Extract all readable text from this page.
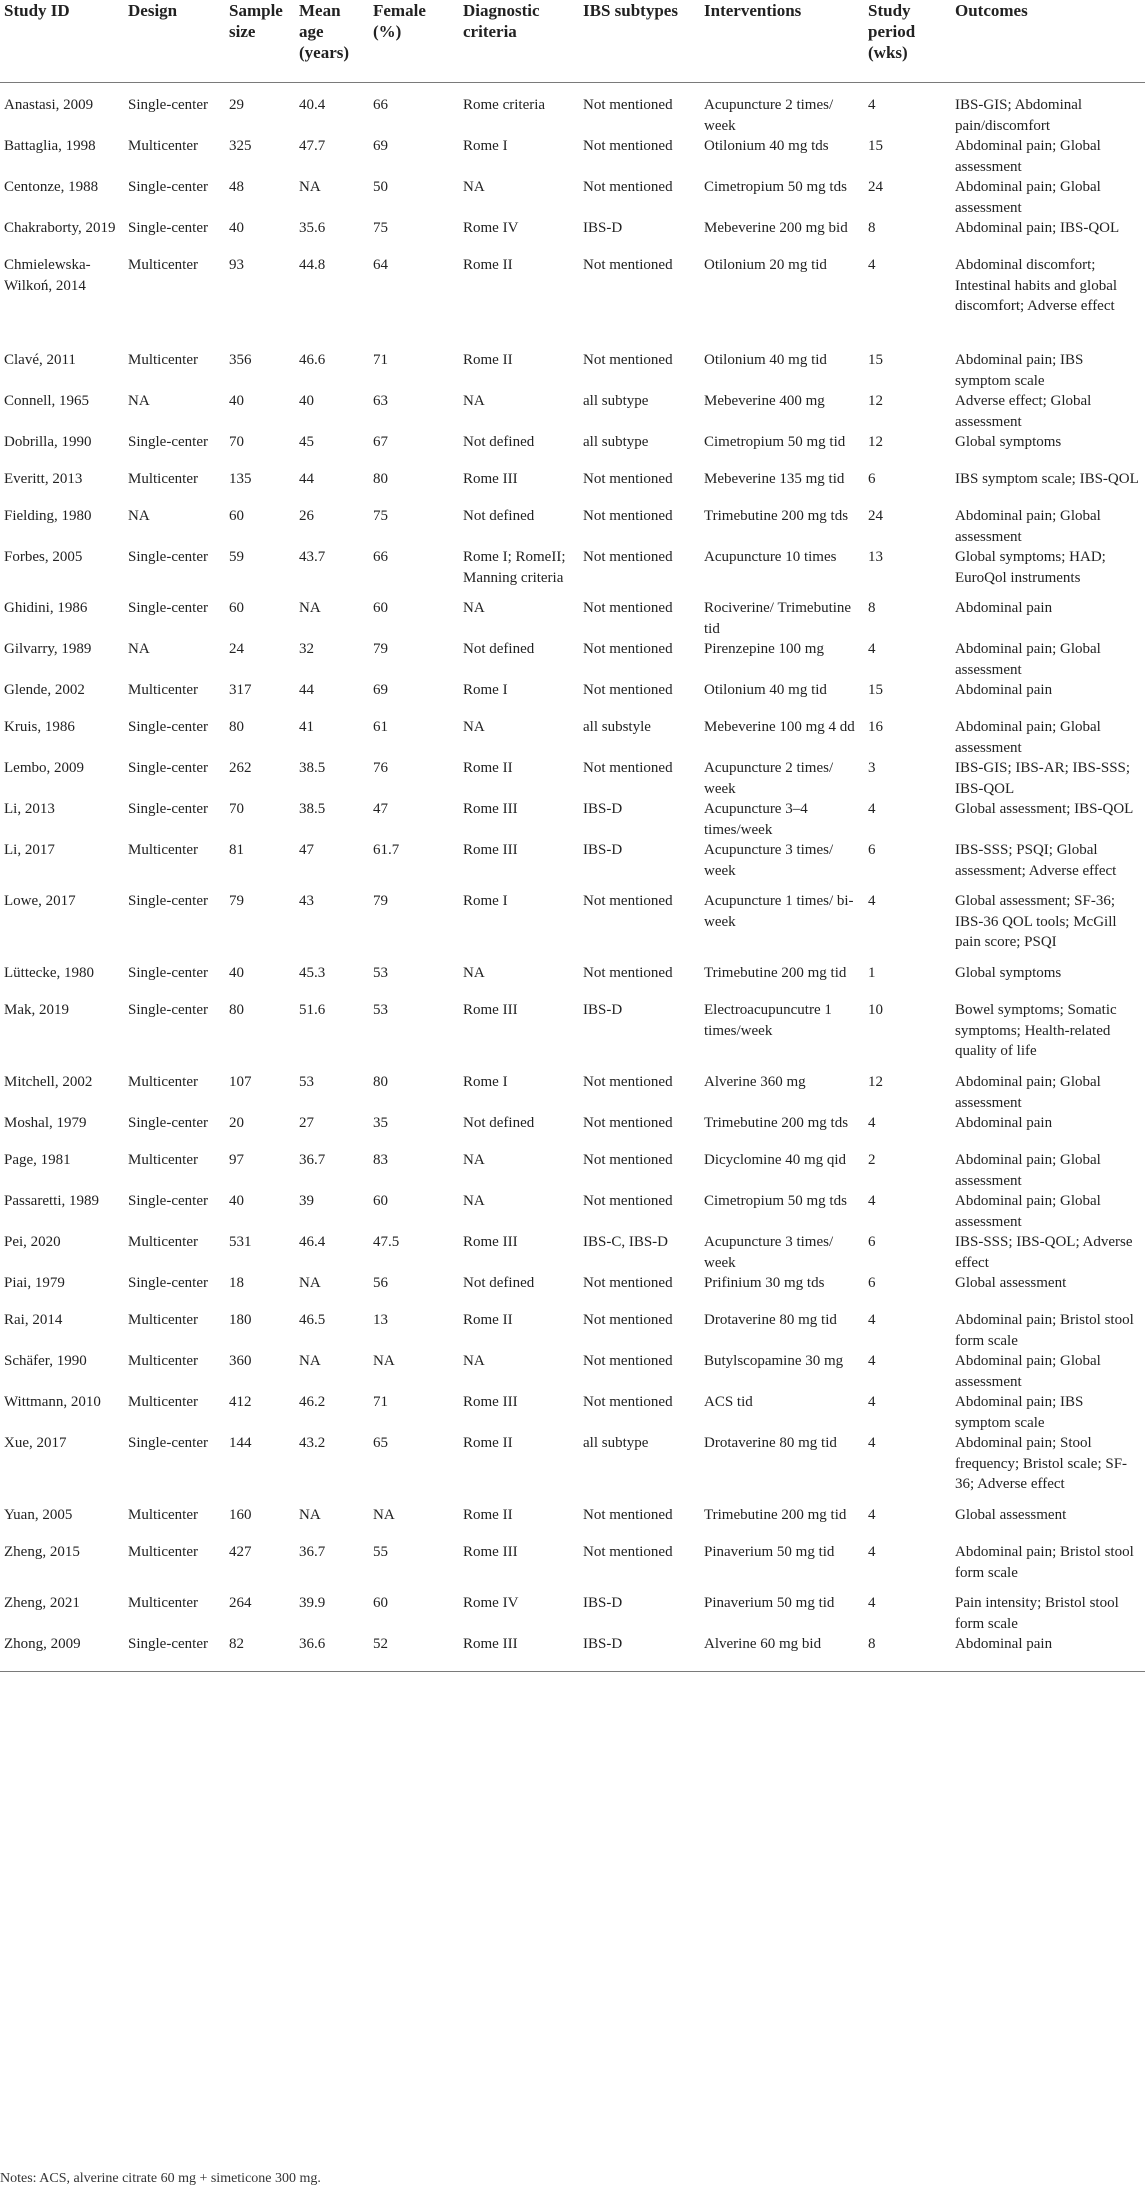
Study ID	Design	Sample size	Mean age (years)	Female (%)	Diagnostic criteria	IBS subtypes	Interventions	Study period (wks)	Outcomes
Anastasi, 2009	Single-center	29	40.4	66	Rome criteria	Not mentioned	Acupuncture 2 times/ week	4	IBS-GIS; Abdominal pain/discomfort
Battaglia, 1998	Multicenter	325	47.7	69	Rome I	Not mentioned	Otilonium 40 mg tds	15	Abdominal pain; Global assessment
Centonze, 1988	Single-center	48	NA	50	NA	Not mentioned	Cimetropium 50 mg tds	24	Abdominal pain; Global assessment
Chakraborty, 2019	Single-center	40	35.6	75	Rome IV	IBS-D	Mebeverine 200 mg bid	8	Abdominal pain; IBS-QOL
Chmielewska-Wilkoń, 2014	Multicenter	93	44.8	64	Rome II	Not mentioned	Otilonium 20 mg tid	4	Abdominal discomfort; Intestinal habits and global discomfort; Adverse effect
Clavé, 2011	Multicenter	356	46.6	71	Rome II	Not mentioned	Otilonium 40 mg tid	15	Abdominal pain; IBS symptom scale
Connell, 1965	NA	40	40	63	NA	all subtype	Mebeverine 400 mg	12	Adverse effect; Global assessment
Dobrilla, 1990	Single-center	70	45	67	Not defined	all subtype	Cimetropium 50 mg tid	12	Global symptoms
Everitt, 2013	Multicenter	135	44	80	Rome III	Not mentioned	Mebeverine 135 mg tid	6	IBS symptom scale; IBS-QOL
Fielding, 1980	NA	60	26	75	Not defined	Not mentioned	Trimebutine 200 mg tds	24	Abdominal pain; Global assessment
Forbes, 2005	Single-center	59	43.7	66	Rome I; RomeII; Manning criteria	Not mentioned	Acupuncture 10 times	13	Global symptoms; HAD; EuroQol instruments
Ghidini, 1986	Single-center	60	NA	60	NA	Not mentioned	Rociverine/ Trimebutine tid	8	Abdominal pain
Gilvarry, 1989	NA	24	32	79	Not defined	Not mentioned	Pirenzepine 100 mg	4	Abdominal pain; Global assessment
Glende, 2002	Multicenter	317	44	69	Rome I	Not mentioned	Otilonium 40 mg tid	15	Abdominal pain
Kruis, 1986	Single-center	80	41	61	NA	all substyle	Mebeverine 100 mg 4 dd	16	Abdominal pain; Global assessment
Lembo, 2009	Single-center	262	38.5	76	Rome II	Not mentioned	Acupuncture 2 times/ week	3	IBS-GIS; IBS-AR; IBS-SSS; IBS-QOL
Li, 2013	Single-center	70	38.5	47	Rome III	IBS-D	Acupuncture 3–4 times/week	4	Global assessment; IBS-QOL
Li, 2017	Multicenter	81	47	61.7	Rome III	IBS-D	Acupuncture 3 times/ week	6	IBS-SSS; PSQI; Global assessment; Adverse effect
Lowe, 2017	Single-center	79	43	79	Rome I	Not mentioned	Acupuncture 1 times/ bi-week	4	Global assessment; SF-36; IBS-36 QOL tools; McGill pain score; PSQI
Lüttecke, 1980	Single-center	40	45.3	53	NA	Not mentioned	Trimebutine 200 mg tid	1	Global symptoms
Mak, 2019	Single-center	80	51.6	53	Rome III	IBS-D	Electroacupuncutre 1 times/week	10	Bowel symptoms; Somatic symptoms; Health-related quality of life
Mitchell, 2002	Multicenter	107	53	80	Rome I	Not mentioned	Alverine 360 mg	12	Abdominal pain; Global assessment
Moshal, 1979	Single-center	20	27	35	Not defined	Not mentioned	Trimebutine 200 mg tds	4	Abdominal pain
Page, 1981	Multicenter	97	36.7	83	NA	Not mentioned	Dicyclomine 40 mg qid	2	Abdominal pain; Global assessment
Passaretti, 1989	Single-center	40	39	60	NA	Not mentioned	Cimetropium 50 mg tds	4	Abdominal pain; Global assessment
Pei, 2020	Multicenter	531	46.4	47.5	Rome III	IBS-C, IBS-D	Acupuncture 3 times/ week	6	IBS-SSS; IBS-QOL; Adverse effect
Piai, 1979	Single-center	18	NA	56	Not defined	Not mentioned	Prifinium 30 mg tds	6	Global assessment
Rai, 2014	Multicenter	180	46.5	13	Rome II	Not mentioned	Drotaverine 80 mg tid	4	Abdominal pain; Bristol stool form scale
Schäfer, 1990	Multicenter	360	NA	NA	NA	Not mentioned	Butylscopamine 30 mg	4	Abdominal pain; Global assessment
Wittmann, 2010	Multicenter	412	46.2	71	Rome III	Not mentioned	ACS tid	4	Abdominal pain; IBS symptom scale
Xue, 2017	Single-center	144	43.2	65	Rome II	all subtype	Drotaverine 80 mg tid	4	Abdominal pain; Stool frequency; Bristol scale; SF-36; Adverse effect
Yuan, 2005	Multicenter	160	NA	NA	Rome II	Not mentioned	Trimebutine 200 mg tid	4	Global assessment
Zheng, 2015	Multicenter	427	36.7	55	Rome III	Not mentioned	Pinaverium 50 mg tid	4	Abdominal pain; Bristol stool form scale
Zheng, 2021	Multicenter	264	39.9	60	Rome IV	IBS-D	Pinaverium 50 mg tid	4	Pain intensity; Bristol stool form scale
Zhong, 2009	Single-center	82	36.6	52	Rome III	IBS-D	Alverine 60 mg bid	8	Abdominal pain
Notes: ACS, alverine citrate 60 mg + simeticone 300 mg.
